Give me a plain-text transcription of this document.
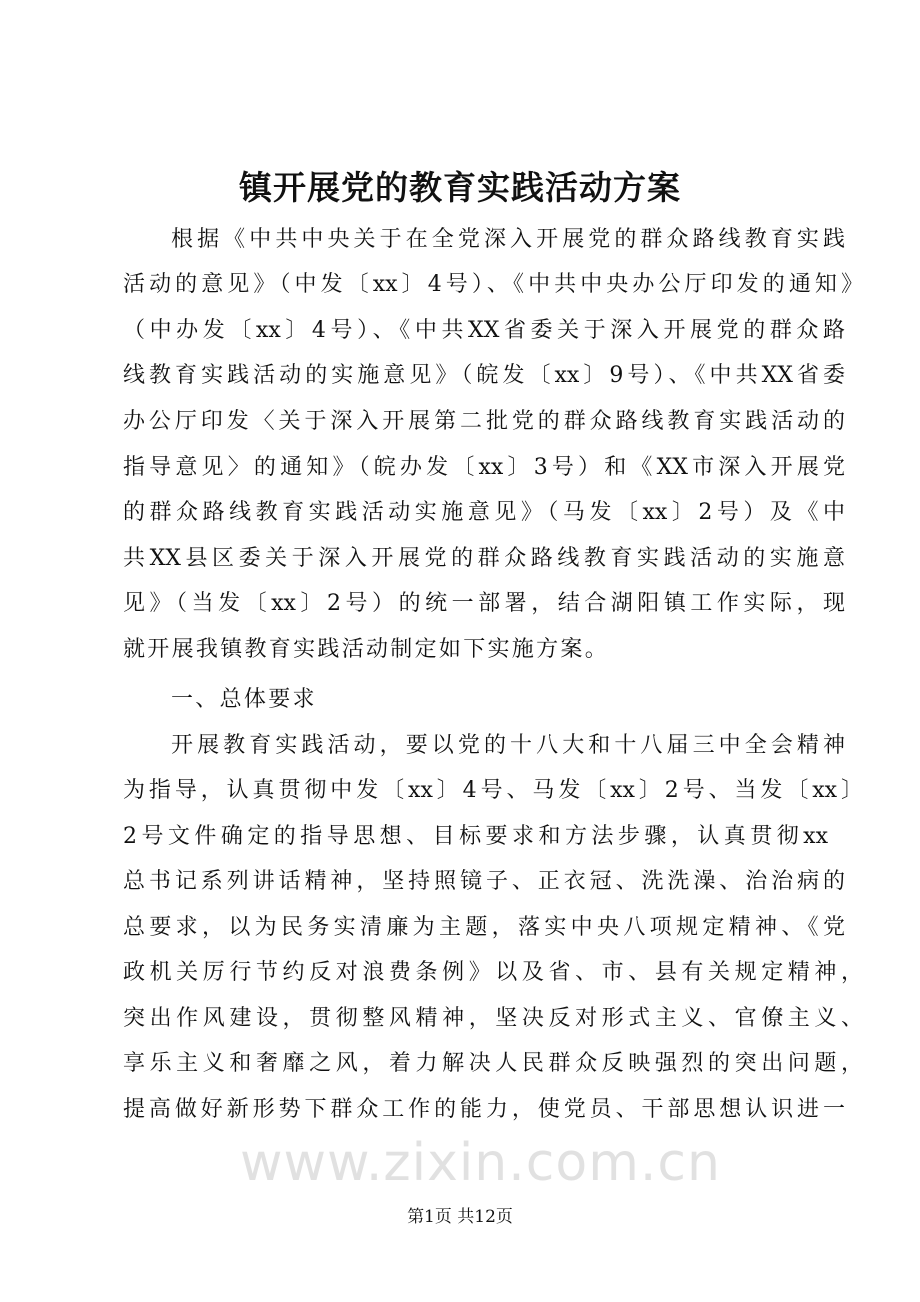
镇开展党的教育实践活动方案
根据《中共中央关于在全党深入开展党的群众路线教育实践
活动的意见》（中发〔xx〕4号）、《中共中央办公厅印发的通知》
（中办发〔xx〕4号）、《中共XX省委关于深入开展党的群众路
线教育实践活动的实施意见》（皖发〔xx〕9号）、《中共XX省委
办公厅印发〈关于深入开展第二批党的群众路线教育实践活动的
指导意见〉的通知》（皖办发〔xx〕3号）和《XX市深入开展党
的群众路线教育实践活动实施意见》（马发〔xx〕2号）及《中
共XX县区委关于深入开展党的群众路线教育实践活动的实施意
见》（当发〔xx〕2号）的统一部署，结合湖阳镇工作实际，现
就开展我镇教育实践活动制定如下实施方案。
一、总体要求
开展教育实践活动，要以党的十八大和十八届三中全会精神
为指导，认真贯彻中发〔xx〕4号、马发〔xx〕2号、当发〔xx〕
2号文件确定的指导思想、目标要求和方法步骤，认真贯彻xx
总书记系列讲话精神，坚持照镜子、正衣冠、洗洗澡、治治病的
总要求，以为民务实清廉为主题，落实中央八项规定精神、《党
政机关厉行节约反对浪费条例》以及省、市、县有关规定精神，
突出作风建设，贯彻整风精神，坚决反对形式主义、官僚主义、
享乐主义和奢靡之风，着力解决人民群众反映强烈的突出问题，
提高做好新形势下群众工作的能力，使党员、干部思想认识进一
www.zixin.com.cn
第1页 共12页
